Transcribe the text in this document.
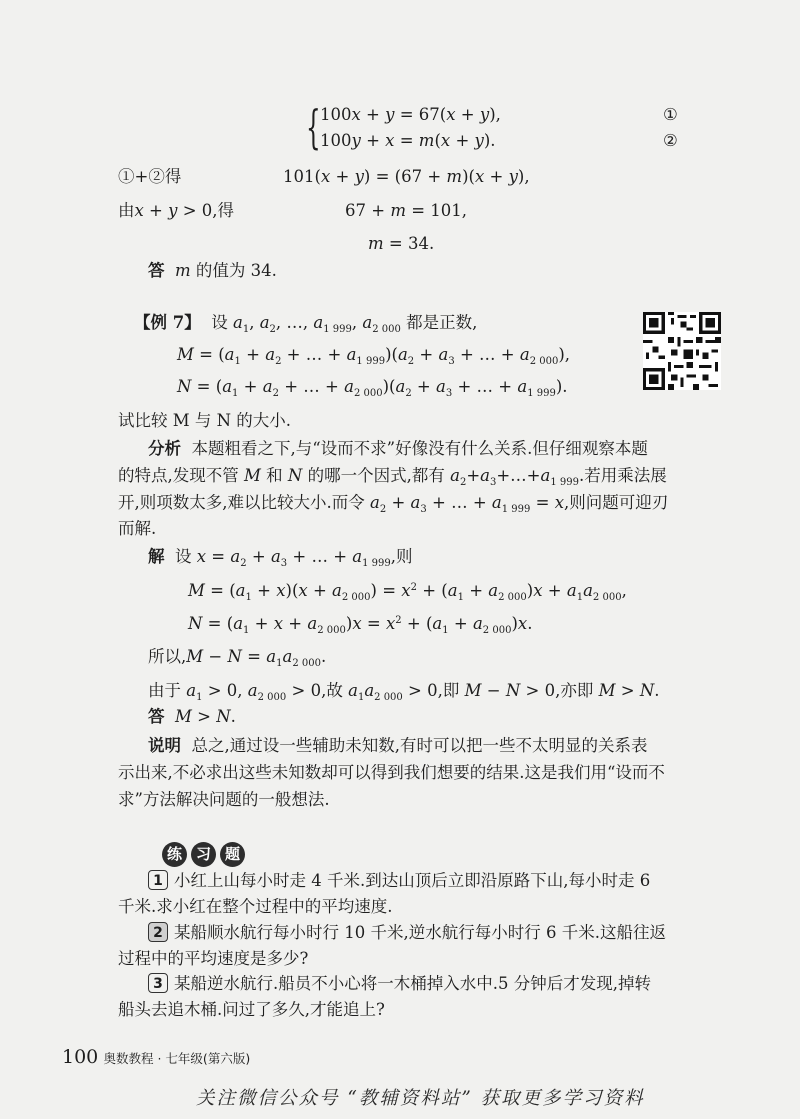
{ 100x + y = 67(x + y),	①
100y + x = m(x + y).	②
①+②得	101(x + y) = (67 + m)(x + y),
由x + y > 0,得	67 + m = 101,
m = 34.
答 m 的值为 34.
【例 7】 设 $a_1$, $a_2$, …, $a_{1 999}$, $a_{2 000}$ 都是正数,
$M = (a_1 + a_2$ + … + $a_{1 999})(a_2 + a_3$ + … + $a_{2 000}$),
$N = (a_1 + a_2$ + … + $a_{2 000})(a_2 + a_3$ + … + $a_{1 999}$).
试比较 M 与 N 的大小.
分析 本题粗看之下,与“设而不求”好像没有什么关系.但仔细观察本题
的特点,发现不管 M 和 N 的哪一个因式,都有 $a_2+a_3+\dots+a_{1 999}$.若用乘法展
开,则项数太多,难以比较大小.而令 $a_2 + a_3$ + … + $a_{1 999} = x$,则问题可迎刃
而解.
解 设 $x = a_2 + a_3$ + … + $a_{1 999}$,则
$M = (a_1 + x)(x + a_{2 000}) = x^2 + (a_1 + a_{2 000})x + a_1a_{2 000}$,
$N = (a_1 + x + a_{2 000})x = x^2 + (a_1 + a_{2 000})x$.
所以$,M - N = a_1a_{2 000}$.
由于 $a_1 > 0$, $a_{2 000} > 0$,故 $a_1a_{2 000} > 0$,即 M − N > 0,亦即 M > N.
答 M > N.
说明 总之,通过设一些辅助未知数,有时可以把一些不太明显的关系表
示出来,不必求出这些未知数却可以得到我们想要的结果.这是我们用“设而不
求”方法解决问题的一般想法.
练 习 题
1 小红上山每小时走 4 千米.到达山顶后立即沿原路下山,每小时走 6
千米.求小红在整个过程中的平均速度.
2 某船顺水航行每小时行 10 千米,逆水航行每小时行 6 千米.这船往返
过程中的平均速度是多少?
3 某船逆水航行.船员不小心将一木桶掉入水中.5 分钟后才发现,掉转
船头去追木桶.问过了多久,才能追上?
100 奥数教程 · 七年级(第六版)
关注微信公众号 “教辅资料站” 获取更多学习资料
